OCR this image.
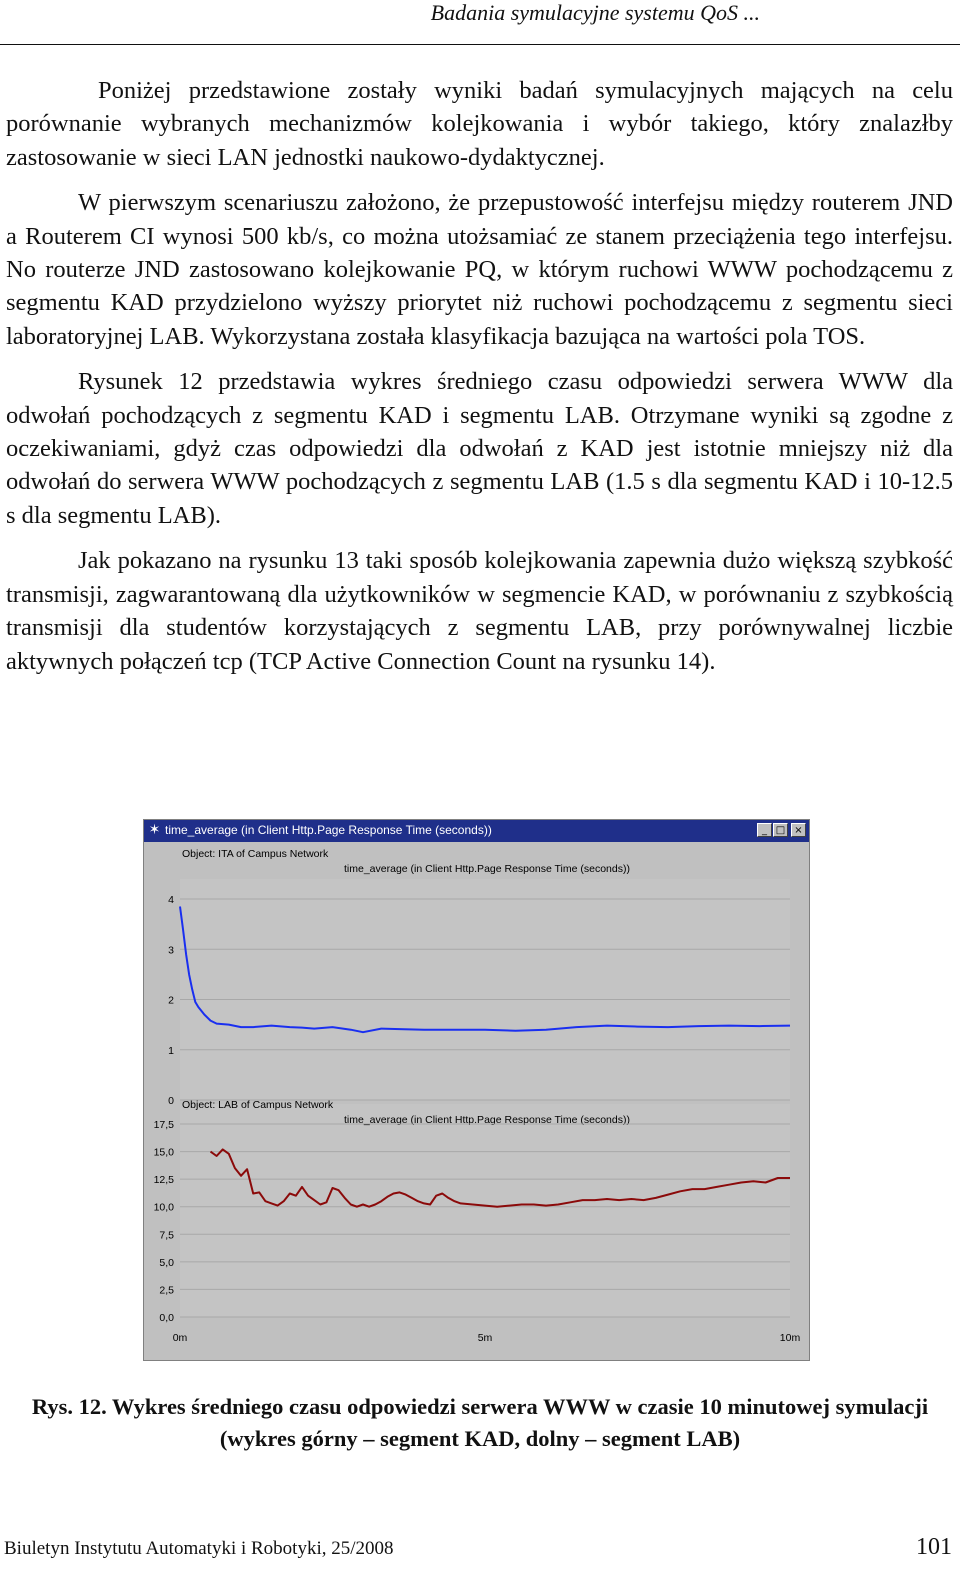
Badania symulacyjne systemu QoS ...

Poniżej przedstawione zostały wyniki badań symulacyjnych mających na celu porównanie wybranych mechanizmów kolejkowania i wybór takiego, który znalazłby zastosowanie w sieci LAN jednostki naukowo-dydaktycznej.

W pierwszym scenariuszu założono, że przepustowość interfejsu między routerem JND a Routerem CI wynosi 500 kb/s, co można utożsamiać ze stanem przeciążenia tego interfejsu. No routerze JND zastosowano kolejkowanie PQ, w którym ruchowi WWW pochodzącemu z segmentu KAD przydzielono wyższy priorytet niż ruchowi pochodzącemu z segmentu sieci laboratoryjnej LAB. Wykorzystana została klasyfikacja bazująca na wartości pola TOS.

Rysunek 12 przedstawia wykres średniego czasu odpowiedzi serwera WWW dla odwołań pochodzących z segmentu KAD i segmentu LAB. Otrzymane wyniki są zgodne z oczekiwaniami, gdyż czas odpowiedzi dla odwołań z KAD jest istotnie mniejszy niż dla odwołań do serwera WWW pochodzących z segmentu LAB (1.5 s dla segmentu KAD i 10-12.5 s dla segmentu LAB).

Jak pokazano na rysunku 13 taki sposób kolejkowania zapewnia dużo większą szybkość transmisji, zagwarantowaną dla użytkowników w segmencie KAD, w porównaniu z szybkością transmisji dla studentów korzystających z segmentu LAB, przy porównywalnej liczbie aktywnych połączeń tcp (TCP Active Connection Count na rysunku 14).

✶ time_average (in Client Http.Page Response Time (seconds))	_ □ ×
Object: ITA of Campus Network
time_average (in Client Http.Page Response Time (seconds))
0
1
2
3
4
Object: LAB of Campus Network
time_average (in Client Http.Page Response Time (seconds))
0,0
2,5
5,0
7,5
10,0
12,5
15,0
17,5
0m	5m	10m
Rys. 12. Wykres średniego czasu odpowiedzi serwera WWW w czasie 10 minutowej symulacji (wykres górny – segment KAD, dolny – segment LAB)
Biuletyn Instytutu Automatyki i Robotyki, 25/2008	101
